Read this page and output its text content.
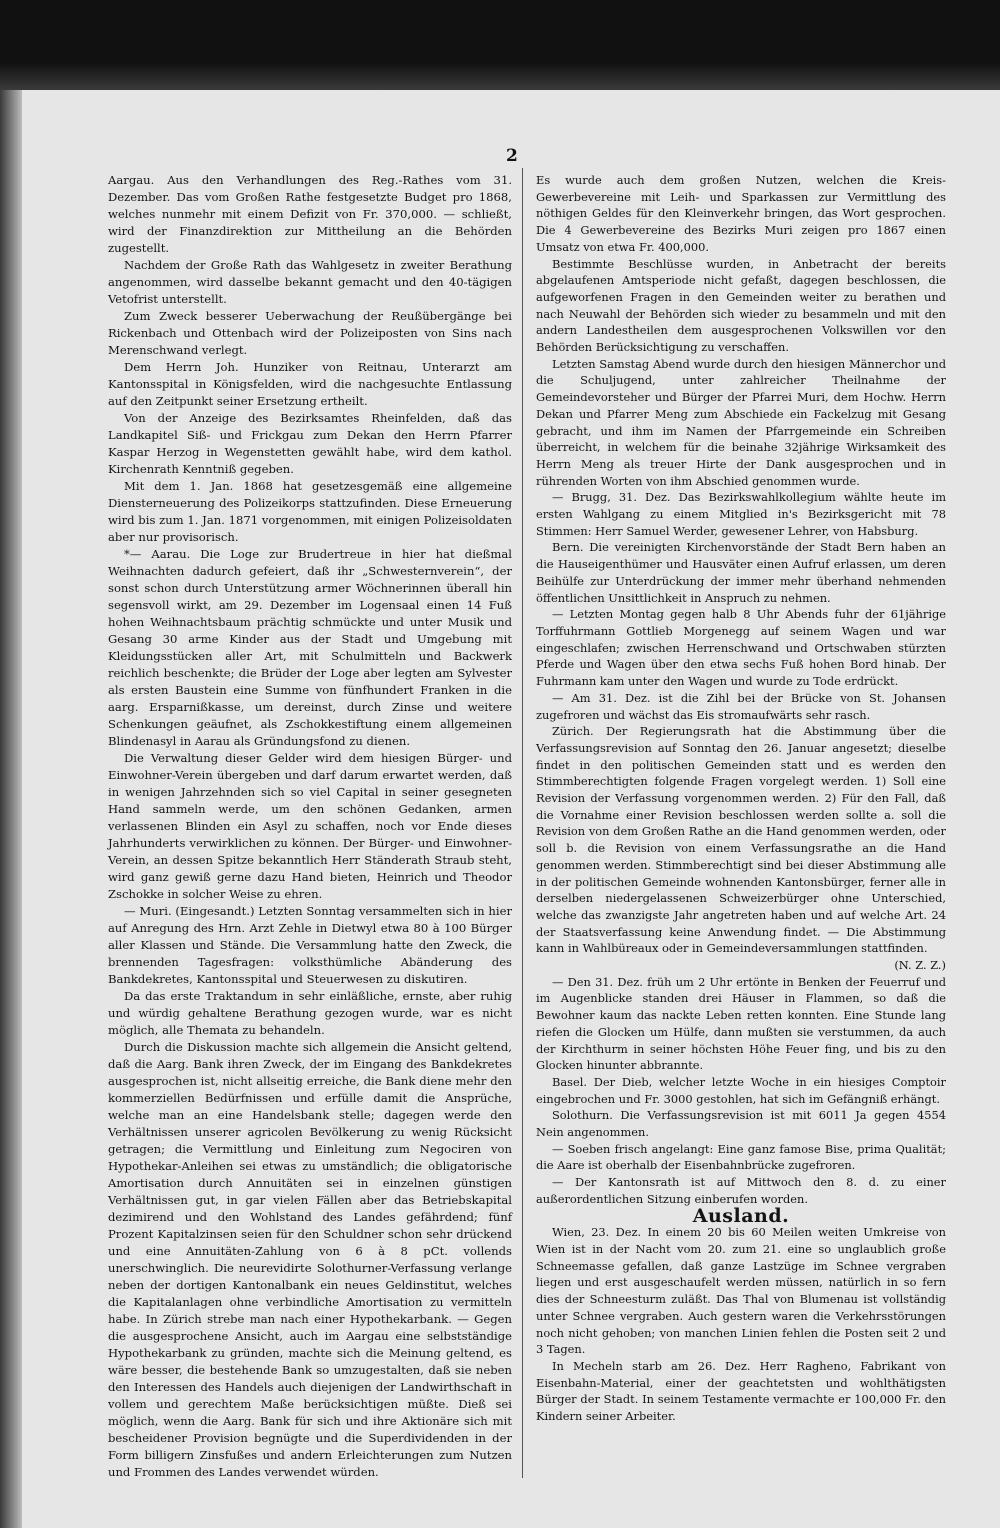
2

Aargau. Aus den Verhandlungen des Reg.-Rathes vom 31. Dezember. Das vom Großen Rathe festgesetzte Budget pro 1868, welches nunmehr mit einem Defizit von Fr. 370,000. — schließt, wird der Finanzdirektion zur Mittheilung an die Behörden zugestellt.

Nachdem der Große Rath das Wahlgesetz in zweiter Berathung angenommen, wird dasselbe bekannt gemacht und den 40-tägigen Vetofrist unterstellt.

Zum Zweck besserer Ueberwachung der Reußübergänge bei Rickenbach und Ottenbach wird der Polizeiposten von Sins nach Merenschwand verlegt.

Dem Herrn Joh. Hunziker von Reitnau, Unterarzt am Kantonsspital in Königsfelden, wird die nachgesuchte Entlassung auf den Zeitpunkt seiner Ersetzung ertheilt.

Von der Anzeige des Bezirksamtes Rheinfelden, daß das Landkapitel Siß- und Frickgau zum Dekan den Herrn Pfarrer Kaspar Herzog in Wegenstetten gewählt habe, wird dem kathol. Kirchenrath Kenntniß gegeben.

Mit dem 1. Jan. 1868 hat gesetzesgemäß eine allgemeine Diensterneuerung des Polizeikorps stattzufinden. Diese Erneuerung wird bis zum 1. Jan. 1871 vorgenommen, mit einigen Polizeisoldaten aber nur provisorisch.

*— Aarau. Die Loge zur Brudertreue in hier hat dießmal Weihnachten dadurch gefeiert, daß ihr „Schwesternverein“, der sonst schon durch Unterstützung armer Wöchnerinnen überall hin segensvoll wirkt, am 29. Dezember im Logensaal einen 14 Fuß hohen Weihnachtsbaum prächtig schmückte und unter Musik und Gesang 30 arme Kinder aus der Stadt und Umgebung mit Kleidungsstücken aller Art, mit Schulmitteln und Backwerk reichlich beschenkte; die Brüder der Loge aber legten am Sylvester als ersten Baustein eine Summe von fünfhundert Franken in die aarg. Ersparnißkasse, um dereinst, durch Zinse und weitere Schenkungen geäufnet, als Zschokkestiftung einem allgemeinen Blindenasyl in Aarau als Gründungsfond zu dienen.

Die Verwaltung dieser Gelder wird dem hiesigen Bürger- und Einwohner-Verein übergeben und darf darum erwartet werden, daß in wenigen Jahrzehnden sich so viel Capital in seiner gesegneten Hand sammeln werde, um den schönen Gedanken, armen verlassenen Blinden ein Asyl zu schaffen, noch vor Ende dieses Jahrhunderts verwirklichen zu können. Der Bürger- und Einwohner-Verein, an dessen Spitze bekanntlich Herr Ständerath Straub steht, wird ganz gewiß gerne dazu Hand bieten, Heinrich und Theodor Zschokke in solcher Weise zu ehren.

— Muri. (Eingesandt.) Letzten Sonntag versammelten sich in hier auf Anregung des Hrn. Arzt Zehle in Dietwyl etwa 80 à 100 Bürger aller Klassen und Stände. Die Versammlung hatte den Zweck, die brennenden Tagesfragen: volksthümliche Abänderung des Bankdekretes, Kantonsspital und Steuerwesen zu diskutiren.

Da das erste Traktandum in sehr einläßliche, ernste, aber ruhig und würdig gehaltene Berathung gezogen wurde, war es nicht möglich, alle Themata zu behandeln.

Durch die Diskussion machte sich allgemein die Ansicht geltend, daß die Aarg. Bank ihren Zweck, der im Eingang des Bankdekretes ausgesprochen ist, nicht allseitig erreiche, die Bank diene mehr den kommerziellen Bedürfnissen und erfülle damit die Ansprüche, welche man an eine Handelsbank stelle; dagegen werde den Verhältnissen unserer agricolen Bevölkerung zu wenig Rücksicht getragen; die Vermittlung und Einleitung zum Negociren von Hypothekar-Anleihen sei etwas zu umständlich; die obligatorische Amortisation durch Annuitäten sei in einzelnen günstigen Verhältnissen gut, in gar vielen Fällen aber das Betriebskapital dezimirend und den Wohlstand des Landes gefährdend; fünf Prozent Kapitalzinsen seien für den Schuldner schon sehr drückend und eine Annuitäten-Zahlung von 6 à 8 pCt. vollends unerschwinglich. Die neurevidirte Solothurner-Verfassung verlange neben der dortigen Kantonalbank ein neues Geldinstitut, welches die Kapitalanlagen ohne verbindliche Amortisation zu vermitteln habe. In Zürich strebe man nach einer Hypothekarbank. — Gegen die ausgesprochene Ansicht, auch im Aargau eine selbstständige Hypothekarbank zu gründen, machte sich die Meinung geltend, es wäre besser, die bestehende Bank so umzugestalten, daß sie neben den Interessen des Handels auch diejenigen der Landwirthschaft in vollem und gerechtem Maße berücksichtigen müßte. Dieß sei möglich, wenn die Aarg. Bank für sich und ihre Aktionäre sich mit bescheidener Provision begnügte und die Superdividenden in der Form billigern Zinsfußes und andern Erleichterungen zum Nutzen und Frommen des Landes verwendet würden.

Es wurde auch dem großen Nutzen, welchen die Kreis-Gewerbevereine mit Leih- und Sparkassen zur Vermittlung des nöthigen Geldes für den Kleinverkehr bringen, das Wort gesprochen. Die 4 Gewerbevereine des Bezirks Muri zeigen pro 1867 einen Umsatz von etwa Fr. 400,000.

Bestimmte Beschlüsse wurden, in Anbetracht der bereits abgelaufenen Amtsperiode nicht gefaßt, dagegen beschlossen, die aufgeworfenen Fragen in den Gemeinden weiter zu berathen und nach Neuwahl der Behörden sich wieder zu besammeln und mit den andern Landestheilen dem ausgesprochenen Volkswillen vor den Behörden Berücksichtigung zu verschaffen.

Letzten Samstag Abend wurde durch den hiesigen Männerchor und die Schuljugend, unter zahlreicher Theilnahme der Gemeindevorsteher und Bürger der Pfarrei Muri, dem Hochw. Herrn Dekan und Pfarrer Meng zum Abschiede ein Fackelzug mit Gesang gebracht, und ihm im Namen der Pfarrgemeinde ein Schreiben überreicht, in welchem für die beinahe 32jährige Wirksamkeit des Herrn Meng als treuer Hirte der Dank ausgesprochen und in rührenden Worten von ihm Abschied genommen wurde.

— Brugg, 31. Dez. Das Bezirkswahlkollegium wählte heute im ersten Wahlgang zu einem Mitglied in's Bezirksgericht mit 78 Stimmen: Herr Samuel Werder, gewesener Lehrer, von Habsburg.

Bern. Die vereinigten Kirchenvorstände der Stadt Bern haben an die Hauseigenthümer und Hausväter einen Aufruf erlassen, um deren Beihülfe zur Unterdrückung der immer mehr überhand nehmenden öffentlichen Unsittlichkeit in Anspruch zu nehmen.

— Letzten Montag gegen halb 8 Uhr Abends fuhr der 61jährige Torffuhrmann Gottlieb Morgenegg auf seinem Wagen und war eingeschlafen; zwischen Herrenschwand und Ortschwaben stürzten Pferde und Wagen über den etwa sechs Fuß hohen Bord hinab. Der Fuhrmann kam unter den Wagen und wurde zu Tode erdrückt.

— Am 31. Dez. ist die Zihl bei der Brücke von St. Johansen zugefroren und wächst das Eis stromaufwärts sehr rasch.

Zürich. Der Regierungsrath hat die Abstimmung über die Verfassungsrevision auf Sonntag den 26. Januar angesetzt; dieselbe findet in den politischen Gemeinden statt und es werden den Stimmberechtigten folgende Fragen vorgelegt werden. 1) Soll eine Revision der Verfassung vorgenommen werden. 2) Für den Fall, daß die Vornahme einer Revision beschlossen werden sollte a. soll die Revision von dem Großen Rathe an die Hand genommen werden, oder soll b. die Revision von einem Verfassungsrathe an die Hand genommen werden. Stimmberechtigt sind bei dieser Abstimmung alle in der politischen Gemeinde wohnenden Kantonsbürger, ferner alle in derselben niedergelassenen Schweizerbürger ohne Unterschied, welche das zwanzigste Jahr angetreten haben und auf welche Art. 24 der Staatsverfassung keine Anwendung findet. — Die Abstimmung kann in Wahlbüreaux oder in Gemeindeversammlungen stattfinden.

(N. Z. Z.)

— Den 31. Dez. früh um 2 Uhr ertönte in Benken der Feuerruf und im Augenblicke standen drei Häuser in Flammen, so daß die Bewohner kaum das nackte Leben retten konnten. Eine Stunde lang riefen die Glocken um Hülfe, dann mußten sie verstummen, da auch der Kirchthurm in seiner höchsten Höhe Feuer fing, und bis zu den Glocken hinunter abbrannte.

Basel. Der Dieb, welcher letzte Woche in ein hiesiges Comptoir eingebrochen und Fr. 3000 gestohlen, hat sich im Gefängniß erhängt.

Solothurn. Die Verfassungsrevision ist mit 6011 Ja gegen 4554 Nein angenommen.

— Soeben frisch angelangt: Eine ganz famose Bise, prima Qualität; die Aare ist oberhalb der Eisenbahnbrücke zugefroren.

— Der Kantonsrath ist auf Mittwoch den 8. d. zu einer außerordentlichen Sitzung einberufen worden.

Ausland.

Wien, 23. Dez. In einem 20 bis 60 Meilen weiten Umkreise von Wien ist in der Nacht vom 20. zum 21. eine so unglaublich große Schneemasse gefallen, daß ganze Lastzüge im Schnee vergraben liegen und erst ausgeschaufelt werden müssen, natürlich in so fern dies der Schneesturm zuläßt. Das Thal von Blumenau ist vollständig unter Schnee vergraben. Auch gestern waren die Verkehrsstörungen noch nicht gehoben; von manchen Linien fehlen die Posten seit 2 und 3 Tagen.

In Mecheln starb am 26. Dez. Herr Ragheno, Fabrikant von Eisenbahn-Material, einer der geachtetsten und wohlthätigsten Bürger der Stadt. In seinem Testamente vermachte er 100,000 Fr. den Kindern seiner Arbeiter.
